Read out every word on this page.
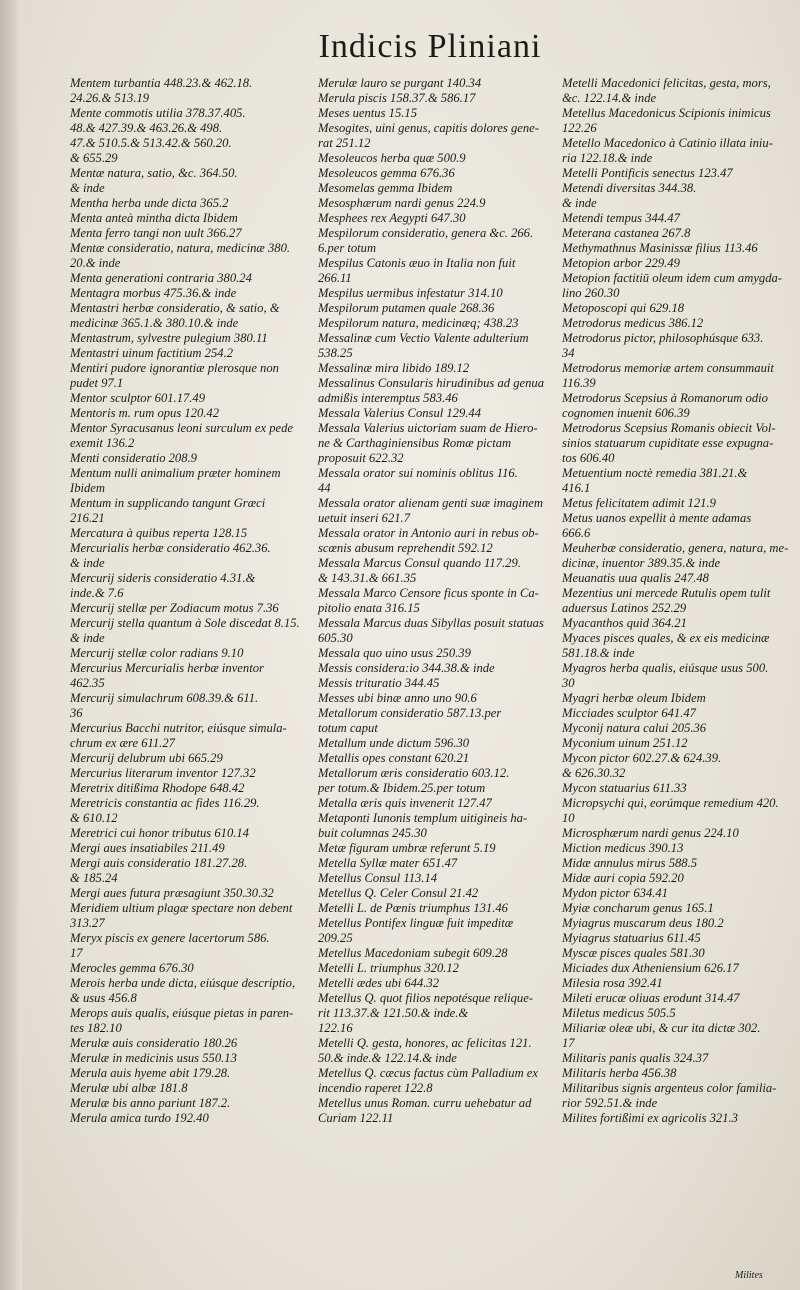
Indicis Pliniani
Mentem turbantia 448.23.& 462.18.
24.26.& 513.19
Mente commotis utilia 378.37.405.
48.& 427.39.& 463.26.& 498.
47.& 510.5.& 513.42.& 560.20.
& 655.29
Mentæ natura, satio, &c. 364.50.
& inde
Mentha herba unde dicta 365.2
Menta anteà mintha dicta Ibidem
Menta ferro tangi non uult 366.27
Mentæ consideratio, natura, medicinæ 380.
20.& inde
Menta generationi contraria 380.24
Mentagra morbus 475.36.& inde
Mentastri herbæ consideratio, & satio, &
medicinæ 365.1.& 380.10.& inde
Mentastrum, sylvestre pulegium 380.11
Mentastri uinum factitium 254.2
Mentiri pudore ignorantiæ plerosque non
pudet 97.1
Mentor sculptor 601.17.49
Mentoris m. rum opus 120.42
Mentor Syracusanus leoni surculum ex pede
exemit 136.2
Menti consideratio 208.9
Mentum nulli animalium præter hominem
Ibidem
Mentum in supplicando tangunt Græci
216.21
Mercatura à quibus reperta 128.15
Mercurialis herbæ consideratio 462.36.
& inde
Mercurij sideris consideratio 4.31.&
inde.& 7.6
Mercurij stellæ per Zodiacum motus 7.36
Mercurij stella quantum à Sole discedat 8.15.
& inde
Mercurij stellæ color radians 9.10
Mercurius Mercurialis herbæ inventor
462.35
Mercurij simulachrum 608.39.& 611.
36
Mercurius Bacchi nutritor, eiúsque simula-
chrum ex ære 611.27
Mercurij delubrum ubi 665.29
Mercurius literarum inventor 127.32
Meretrix ditißima Rhodope 648.42
Meretricis constantia ac fides 116.29.
& 610.12
Meretrici cui honor tributus 610.14
Mergi aues insatiabiles 211.49
Mergi auis consideratio 181.27.28.
& 185.24
Mergi aues futura præsagiunt 350.30.32
Meridiem ultium plagæ spectare non debent
313.27
Meryx piscis ex genere lacertorum 586.
17
Merocles gemma 676.30
Merois herba unde dicta, eiúsque descriptio,
& usus 456.8
Merops auis qualis, eiúsque pietas in paren-
tes 182.10
Merulæ auis consideratio 180.26
Merulæ in medicinis usus 550.13
Merula auis hyeme abit 179.28.
Merulæ ubi albæ 181.8
Merulæ bis anno pariunt 187.2.
Merula amica turdo 192.40
Merulæ lauro se purgant 140.34
Merula piscis 158.37.& 586.17
Meses uentus 15.15
Mesogites, uini genus, capitis dolores gene-
rat 251.12
Mesoleucos herba quæ 500.9
Mesoleucos gemma 676.36
Mesomelas gemma Ibidem
Mesosphærum nardi genus 224.9
Mesphees rex Aegypti 647.30
Mespilorum consideratio, genera &c. 266.
6.per totum
Mespilus Catonis æuo in Italia non fuit
266.11
Mespilus uermibus infestatur 314.10
Mespilorum putamen quale 268.36
Mespilorum natura, medicinæq; 438.23
Messalinæ cum Vectio Valente adulterium
538.25
Messalinæ mira libido 189.12
Messalinus Consularis hirudinibus ad genua
admißis interemptus 583.46
Messala Valerius Consul 129.44
Messala Valerius uictoriam suam de Hiero-
ne & Carthaginiensibus Romæ pictam
proposuit 622.32
Messala orator sui nominis oblitus 116.
44
Messala orator alienam genti suæ imaginem
uetuit inseri 621.7
Messala orator in Antonio auri in rebus ob-
scœnis abusum reprehendit 592.12
Messala Marcus Consul quando 117.29.
& 143.31.& 661.35
Messala Marco Censore ficus sponte in Ca-
pitolio enata 316.15
Messala Marcus duas Sibyllas posuit statuas
605.30
Messala quo uino usus 250.39
Messis considera:io 344.38.& inde
Messis trituratio 344.45
Messes ubi binæ anno uno 90.6
Metallorum consideratio 587.13.per
totum caput
Metallum unde dictum 596.30
Metallis opes constant 620.21
Metallorum æris consideratio 603.12.
per totum.& Ibidem.25.per totum
Metalla æris quis invenerit 127.47
Metaponti Iunonis templum uitigineis ha-
buit columnas 245.30
Metæ figuram umbræ referunt 5.19
Metella Syllæ mater 651.47
Metellus Consul 113.14
Metellus Q. Celer Consul 21.42
Metelli L. de Pœnis triumphus 131.46
Metellus Pontifex linguæ fuit impeditæ
209.25
Metellus Macedoniam subegit 609.28
Metelli L. triumphus 320.12
Metelli ædes ubi 644.32
Metellus Q. quot filios nepotésque relique-
rit 113.37.& 121.50.& inde.&
122.16
Metelli Q. gesta, honores, ac felicitas 121.
50.& inde.& 122.14.& inde
Metellus Q. cæcus factus cùm Palladium ex
incendio raperet 122.8
Metellus unus Roman. curru uehebatur ad
Curiam 122.11
Metelli Macedonici felicitas, gesta, mors,
&c. 122.14.& inde
Metellus Macedonicus Scipionis inimicus
122.26
Metello Macedonico à Catinio illata iniu-
ria 122.18.& inde
Metelli Pontificis senectus 123.47
Metendi diversitas 344.38.
& inde
Metendi tempus 344.47
Meterana castanea 267.8
Methymathnus Masinissæ filius 113.46
Metopion arbor 229.49
Metopion factitiū oleum idem cum amygda-
lino 260.30
Metoposcopi qui 629.18
Metrodorus medicus 386.12
Metrodorus pictor, philosophúsque 633.
34
Metrodorus memoriæ artem consummauit
116.39
Metrodorus Scepsius à Romanorum odio
cognomen inuenit 606.39
Metrodorus Scepsius Romanis obiecit Vol-
sinios statuarum cupiditate esse expugna-
tos 606.40
Metuentium noctè remedia 381.21.&
416.1
Metus felicitatem adimit 121.9
Metus uanos expellit à mente adamas
666.6
Meuherbæ consideratio, genera, natura, me-
dicinæ, inuentor 389.35.& inde
Meuanatis uua qualis 247.48
Mezentius uni mercede Rutulis opem tulit
aduersus Latinos 252.29
Myacanthos quid 364.21
Myaces pisces quales, & ex eis medicinæ
581.18.& inde
Myagros herba qualis, eiúsque usus 500.
30
Myagri herbæ oleum Ibidem
Micciades sculptor 641.47
Myconij natura calui 205.36
Myconium uinum 251.12
Mycon pictor 602.27.& 624.39.
& 626.30.32
Mycon statuarius 611.33
Micropsychi qui, eorúmque remedium 420.
10
Microsphærum nardi genus 224.10
Miction medicus 390.13
Midæ annulus mirus 588.5
Midæ auri copia 592.20
Mydon pictor 634.41
Myiæ concharum genus 165.1
Myiagrus muscarum deus 180.2
Myiagrus statuarius 611.45
Myscæ pisces quales 581.30
Miciades dux Atheniensium 626.17
Milesia rosa 392.41
Mileti erucæ oliuas erodunt 314.47
Miletus medicus 505.5
Miliariæ oleæ ubi, & cur ita dictæ 302.
17
Militaris panis qualis 324.37
Militaris herba 456.38
Militaribus signis argenteus color familia-
rior 592.51.& inde
Milites fortißimi ex agricolis 321.3
Milites
